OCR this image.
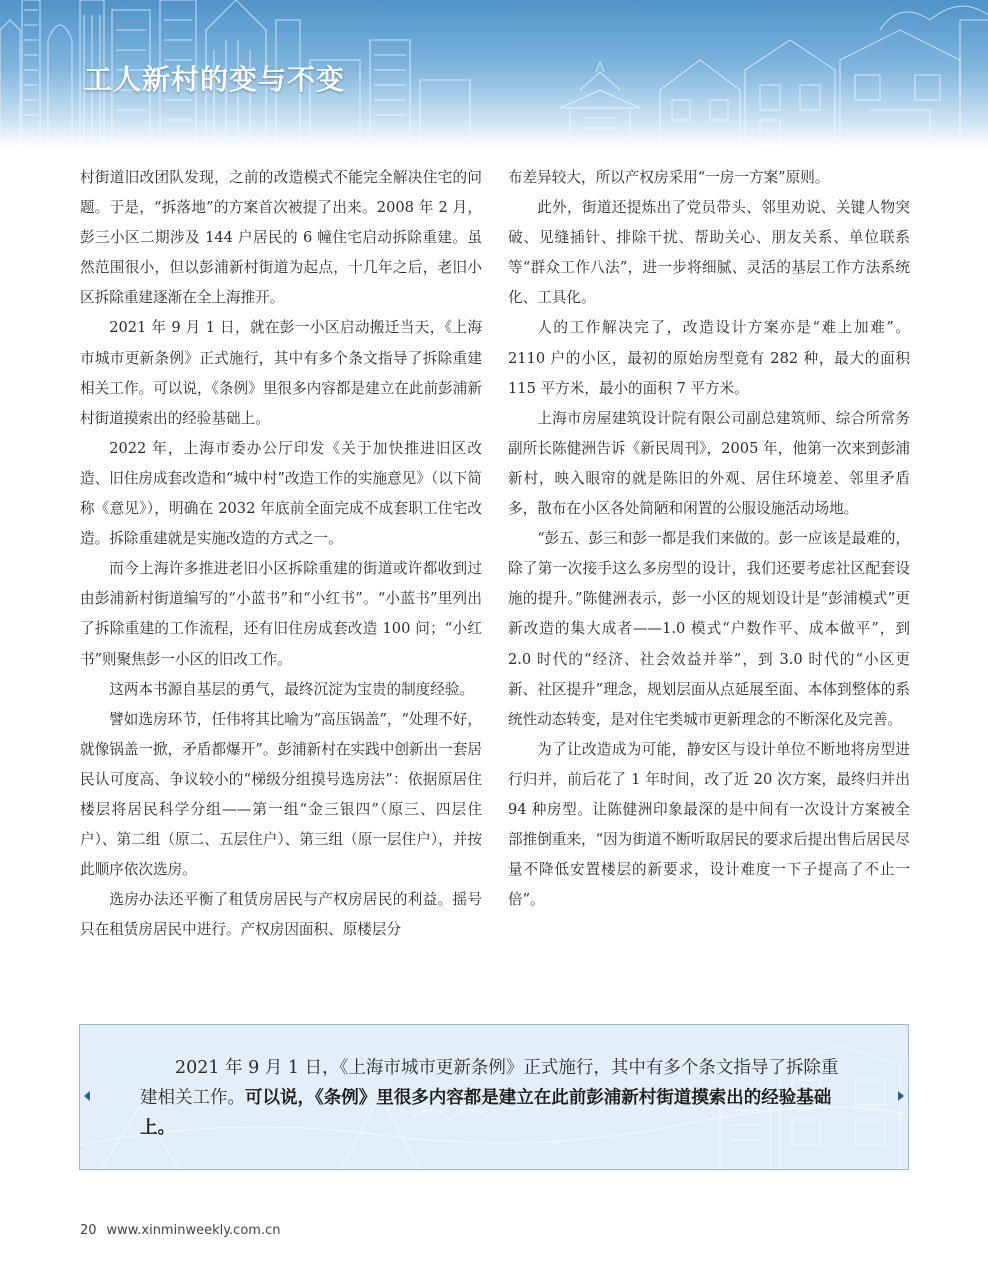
工人新村的变与不变

村街道旧改团队发现，之前的改造模式不能完全解决住宅的问题。于是，“拆落地”的方案首次被提了出来。2008 年 2 月，彭三小区二期涉及 144 户居民的 6 幢住宅启动拆除重建。虽然范围很小，但以彭浦新村街道为起点，十几年之后，老旧小区拆除重建逐渐在全上海推开。

2021 年 9 月 1 日，就在彭一小区启动搬迁当天，《上海市城市更新条例》正式施行，其中有多个条文指导了拆除重建相关工作。可以说，《条例》里很多内容都是建立在此前彭浦新村街道摸索出的经验基础上。

2022 年，上海市委办公厅印发《关于加快推进旧区改造、旧住房成套改造和“城中村”改造工作的实施意见》（以下简称《意见》），明确在 2032 年底前全面完成不成套职工住宅改造。拆除重建就是实施改造的方式之一。

而今上海许多推进老旧小区拆除重建的街道或许都收到过由彭浦新村街道编写的“小蓝书”和“小红书”。“小蓝书”里列出了拆除重建的工作流程，还有旧住房成套改造 100 问；“小红书”则聚焦彭一小区的旧改工作。

这两本书源自基层的勇气，最终沉淀为宝贵的制度经验。

譬如选房环节，任伟将其比喻为“高压锅盖”，“处理不好，就像锅盖一掀，矛盾都爆开”。彭浦新村在实践中创新出一套居民认可度高、争议较小的“梯级分组摸号选房法”：依据原居住楼层将居民科学分组——第一组“金三银四”（原三、四层住户）、第二组（原二、五层住户）、第三组（原一层住户），并按此顺序依次选房。

选房办法还平衡了租赁房居民与产权房居民的利益。摇号只在租赁房居民中进行。产权房因面积、原楼层分

布差异较大，所以产权房采用“一房一方案”原则。

此外，街道还提炼出了党员带头、邻里劝说、关键人物突破、见缝插针、排除干扰、帮助关心、朋友关系、单位联系等“群众工作八法”，进一步将细腻、灵活的基层工作方法系统化、工具化。

人的工作解决完了，改造设计方案亦是“难上加难”。2110 户的小区，最初的原始房型竟有 282 种，最大的面积 115 平方米，最小的面积 7 平方米。

上海市房屋建筑设计院有限公司副总建筑师、综合所常务副所长陈健洲告诉《新民周刊》，2005 年，他第一次来到彭浦新村，映入眼帘的就是陈旧的外观、居住环境差、邻里矛盾多，散布在小区各处简陋和闲置的公服设施活动场地。

“彭五、彭三和彭一都是我们来做的。彭一应该是最难的，除了第一次接手这么多房型的设计，我们还要考虑社区配套设施的提升。”陈健洲表示，彭一小区的规划设计是“彭浦模式”更新改造的集大成者——1.0 模式“户数作平、成本做平”，到 2.0 时代的“经济、社会效益并举”，到 3.0 时代的“小区更新、社区提升”理念，规划层面从点延展至面、本体到整体的系统性动态转变，是对住宅类城市更新理念的不断深化及完善。

为了让改造成为可能，静安区与设计单位不断地将房型进行归并，前后花了 1 年时间，改了近 20 次方案，最终归并出 94 种房型。让陈健洲印象最深的是中间有一次设计方案被全部推倒重来，“因为街道不断听取居民的要求后提出售后居民尽量不降低安置楼层的新要求，设计难度一下子提高了不止一倍”。

2021 年 9 月 1 日，《上海市城市更新条例》正式施行，其中有多个条文指导了拆除重建相关工作。可以说，《条例》里很多内容都是建立在此前彭浦新村街道摸索出的经验基础上。
20 www.xinminweekly.com.cn
